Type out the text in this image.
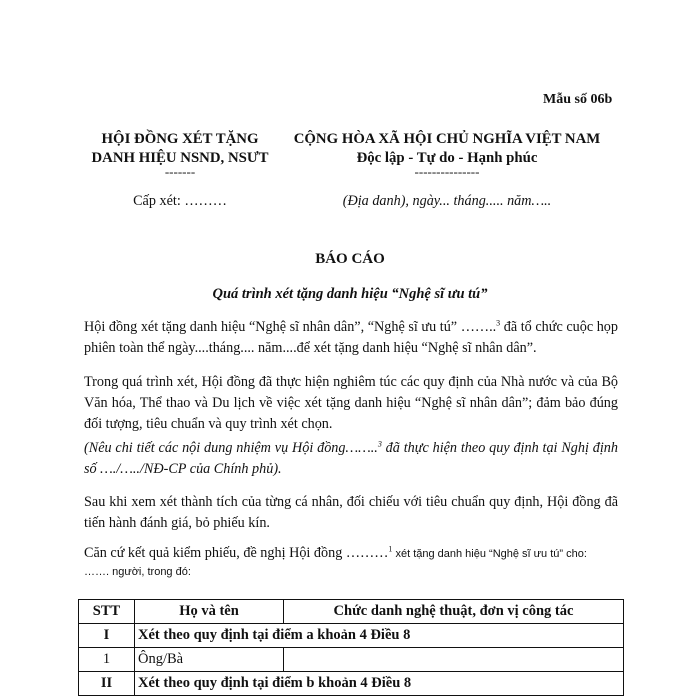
Mẫu số 06b
HỘI ĐỒNG XÉT TẶNG
DANH HIỆU NSND, NSƯT
-------
Cấp xét: ………
CỘNG HÒA XÃ HỘI CHỦ NGHĨA VIỆT NAM
Độc lập - Tự do - Hạnh phúc
---------------
(Địa danh), ngày... tháng..... năm…..
BÁO CÁO
Quá trình xét tặng danh hiệu “Nghệ sĩ ưu tú”
Hội đồng xét tặng danh hiệu “Nghệ sĩ nhân dân”, “Nghệ sĩ ưu tú” ……..$^3$ đã tổ chức cuộc họp phiên toàn thể ngày....tháng.... năm....để xét tặng danh hiệu “Nghệ sĩ nhân dân”.
Trong quá trình xét, Hội đồng đã thực hiện nghiêm túc các quy định của Nhà nước và của Bộ Văn hóa, Thể thao và Du lịch về việc xét tặng danh hiệu “Nghệ sĩ nhân dân”; đảm bảo đúng đối tượng, tiêu chuẩn và quy trình xét chọn.
(Nêu chi tiết các nội dung nhiệm vụ Hội đồng……..$^3$ đã thực hiện theo quy định tại Nghị định số …./…../NĐ-CP của Chính phủ).
Sau khi xem xét thành tích của từng cá nhân, đối chiếu với tiêu chuẩn quy định, Hội đồng đã tiến hành đánh giá, bỏ phiếu kín.
Căn cứ kết quả kiểm phiếu, đề nghị Hội đồng ………$^1$ xét tặng danh hiệu “Nghệ sĩ ưu tú” cho:
……. người, trong đó:
STT	Họ và tên	Chức danh nghệ thuật, đơn vị công tác
I	Xét theo quy định tại điểm a khoản 4 Điều 8	
1	Ông/Bà	
II	Xét theo quy định tại điểm b khoản 4 Điều 8	
